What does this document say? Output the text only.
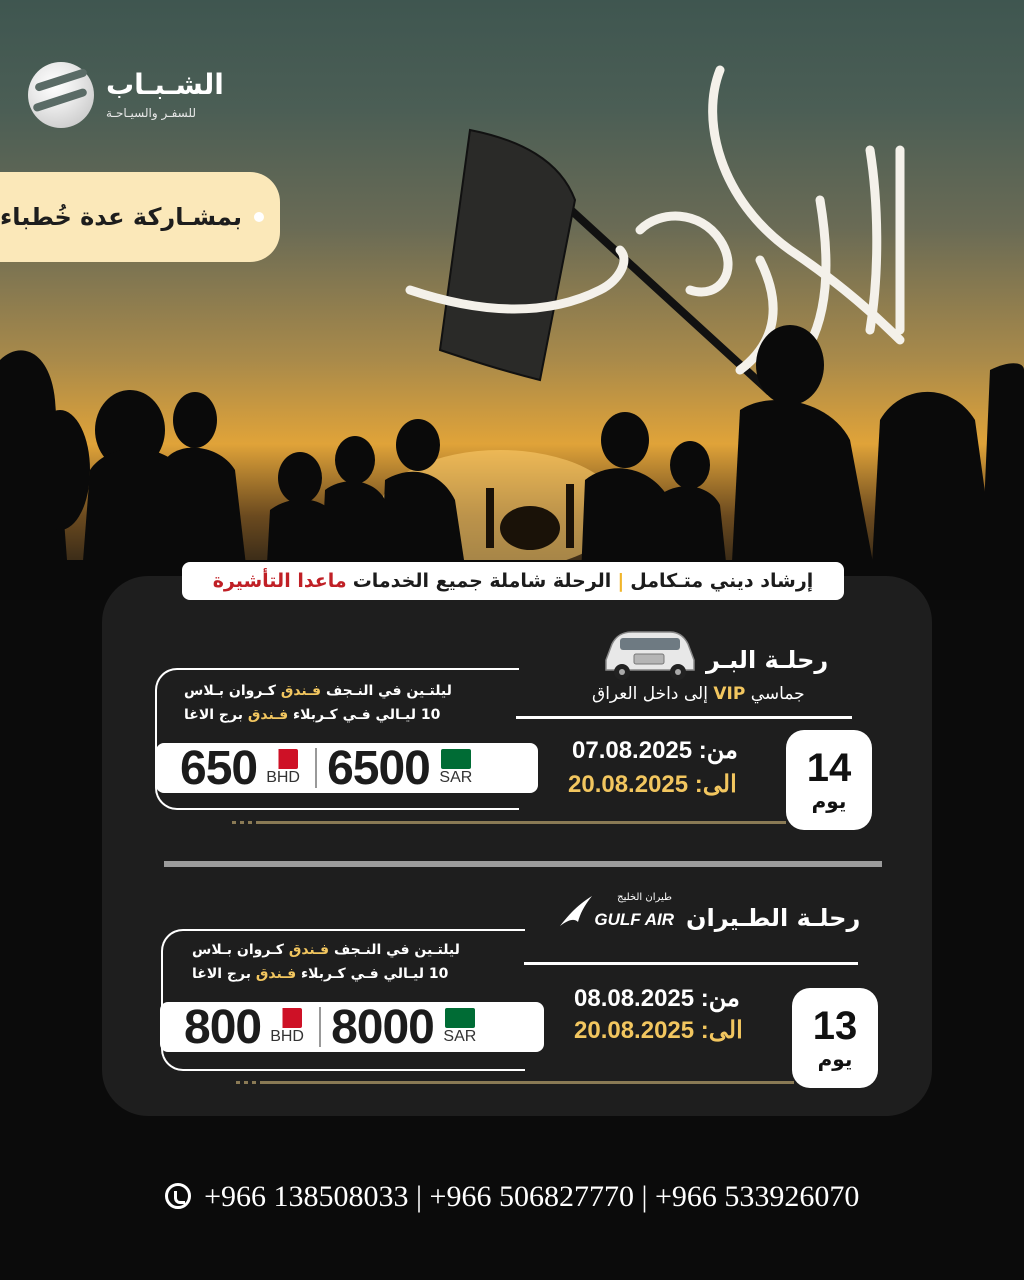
الشـبـاب
للسفـر والسيـاحـة
بمشـاركة عدة خُطباء
إرشاد ديني متـكامل
|
الرحلة شاملة جميع الخدمات
ماعدا التأشيرة
رحلـة البـر
جماسي VIP إلى داخل العراق
ليلتـين في النـجف فـندق كـروان بـلاس
10 ليـالي فـي كـربلاء فـندق برج الاغا
650 BHD 6500 SAR
من: 07.08.2025
الى: 20.08.2025	14
يوم
طيران الخليج
GULF AIR رحلـة الطـيران
ليلتـين في النـجف فـندق كـروان بـلاس
10 ليـالي فـي كـربلاء فـندق برج الاغا
800 BHD 8000 SAR
من: 08.08.2025
الى: 20.08.2025	13
يوم
+966 138508033 | +966 506827770 | +966 533926070
